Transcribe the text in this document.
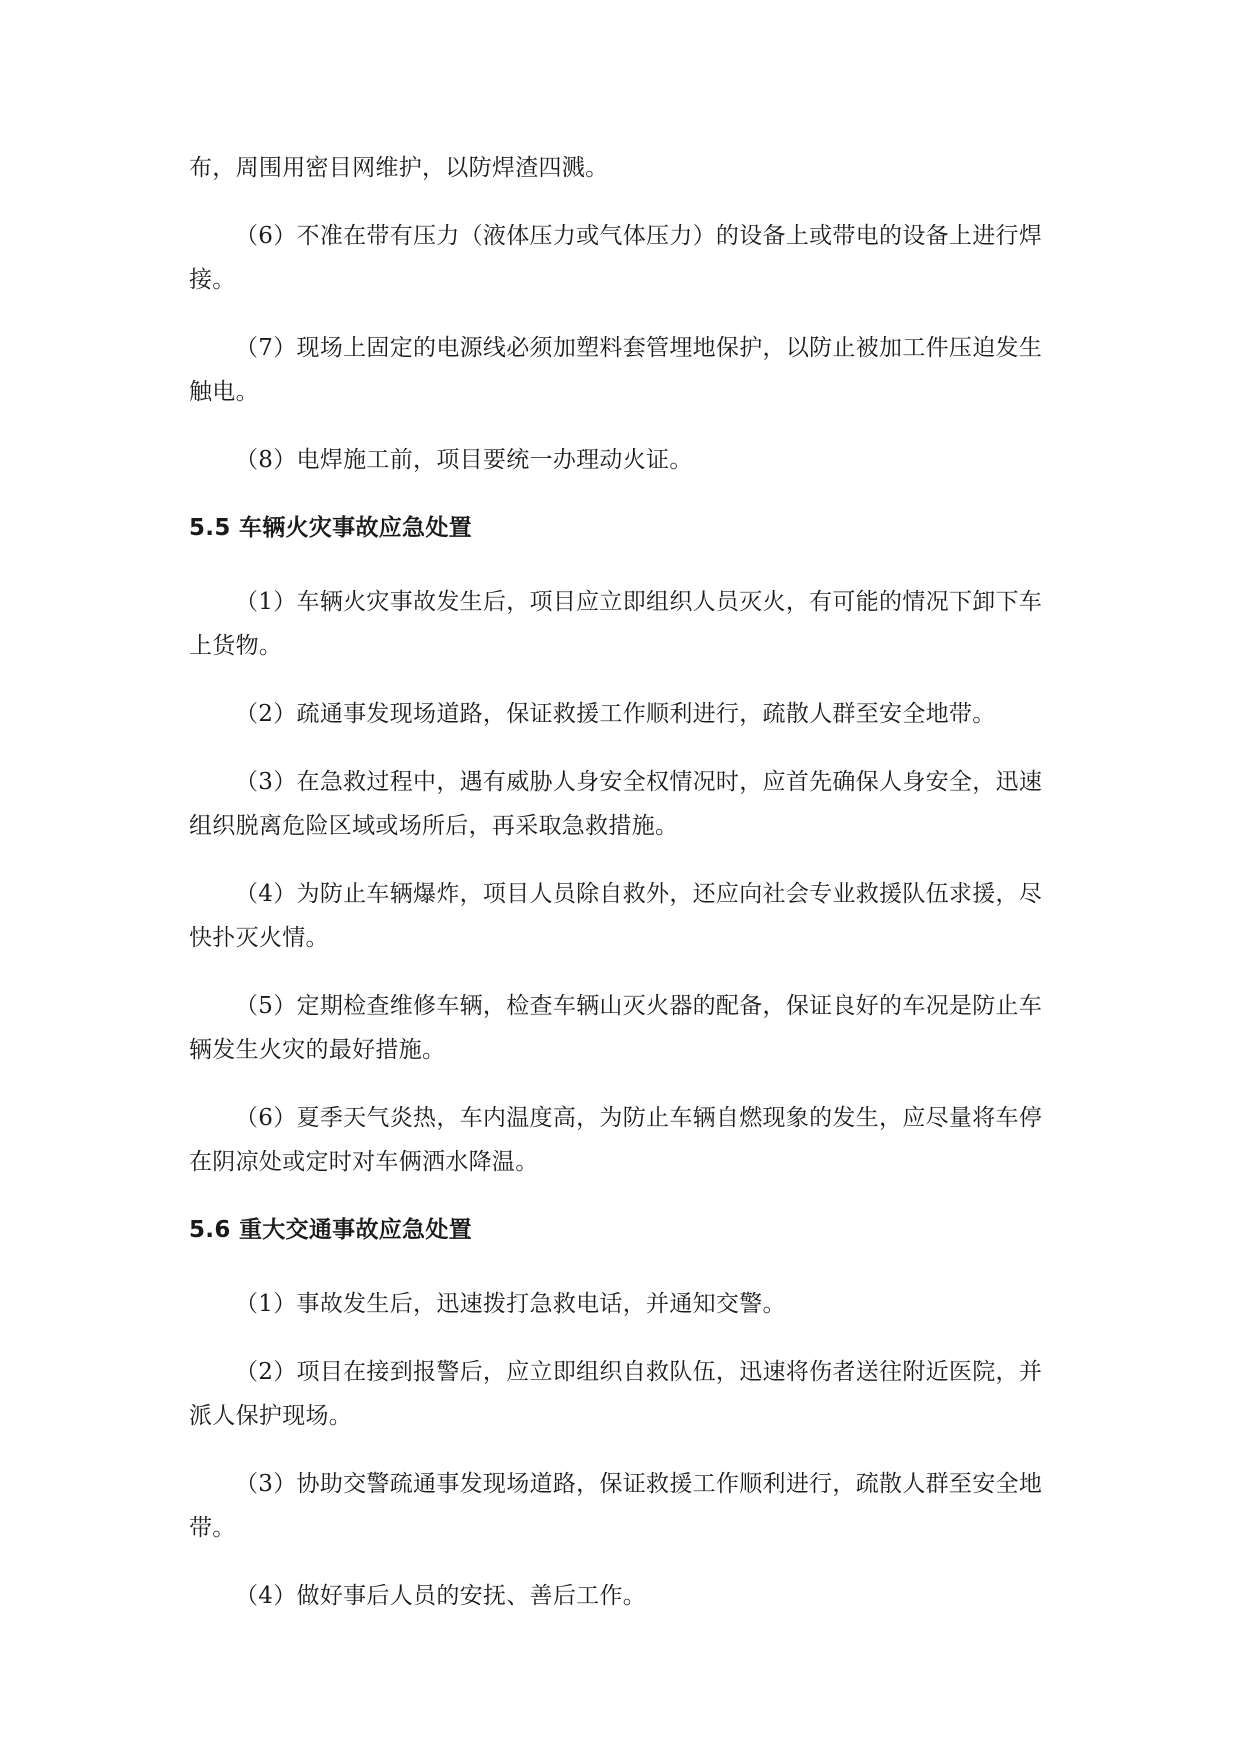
布，周围用密目网维护，以防焊渣四溅。

（6）不准在带有压力（液体压力或气体压力）的设备上或带电的设备上进行焊接。

（7）现场上固定的电源线必须加塑料套管埋地保护，以防止被加工件压迫发生触电。

（8）电焊施工前，项目要统一办理动火证。

5.5 车辆火灾事故应急处置

（1）车辆火灾事故发生后，项目应立即组织人员灭火，有可能的情况下卸下车上货物。

（2）疏通事发现场道路，保证救援工作顺利进行，疏散人群至安全地带。

（3）在急救过程中，遇有威胁人身安全权情况时，应首先确保人身安全，迅速组织脱离危险区域或场所后，再采取急救措施。

（4）为防止车辆爆炸，项目人员除自救外，还应向社会专业救援队伍求援，尽快扑灭火情。

（5）定期检查维修车辆，检查车辆山灭火器的配备，保证良好的车况是防止车辆发生火灾的最好措施。

（6）夏季天气炎热，车内温度高，为防止车辆自燃现象的发生，应尽量将车停在阴凉处或定时对车俩洒水降温。

5.6 重大交通事故应急处置

（1）事故发生后，迅速拨打急救电话，并通知交警。

（2）项目在接到报警后，应立即组织自救队伍，迅速将伤者送往附近医院，并派人保护现场。

（3）协助交警疏通事发现场道路，保证救援工作顺利进行，疏散人群至安全地带。

（4）做好事后人员的安抚、善后工作。
